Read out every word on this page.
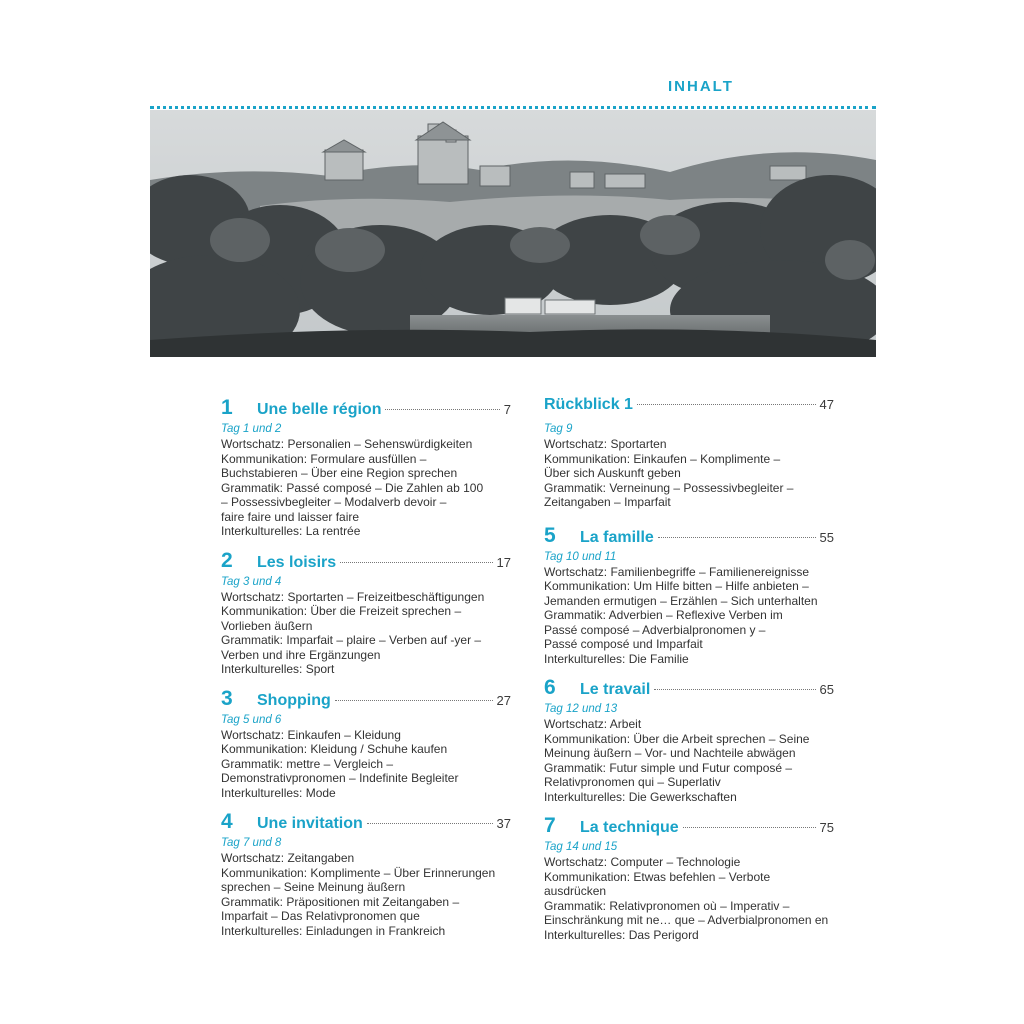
INHALT
1	Une belle région	7
Tag 1 und 2
Wortschatz: Personalien – Sehenswürdigkeiten
Kommunikation: Formulare ausfüllen –
Buchstabieren – Über eine Region sprechen
Grammatik: Passé composé – Die Zahlen ab 100
– Possessivbegleiter – Modalverb devoir –
faire faire und laisser faire
Interkulturelles: La rentrée
2	Les loisirs	17
Tag 3 und 4
Wortschatz: Sportarten – Freizeitbeschäftigungen
Kommunikation: Über die Freizeit sprechen –
Vorlieben äußern
Grammatik: Imparfait – plaire – Verben auf -yer –
Verben und ihre Ergänzungen
Interkulturelles: Sport
3	Shopping	27
Tag 5 und 6
Wortschatz: Einkaufen – Kleidung
Kommunikation: Kleidung / Schuhe kaufen
Grammatik: mettre – Vergleich –
Demonstrativpronomen – Indefinite Begleiter
Interkulturelles: Mode
4	Une invitation	37
Tag 7 und 8
Wortschatz: Zeitangaben
Kommunikation: Komplimente – Über Erinnerungen
sprechen – Seine Meinung äußern
Grammatik: Präpositionen mit Zeitangaben –
Imparfait – Das Relativpronomen que
Interkulturelles: Einladungen in Frankreich
Rückblick 1	47
Tag 9
Wortschatz: Sportarten
Kommunikation: Einkaufen – Komplimente –
Über sich Auskunft geben
Grammatik: Verneinung – Possessivbegleiter –
Zeitangaben – Imparfait
5	La famille	55
Tag 10 und 11
Wortschatz: Familienbegriffe – Familienereignisse
Kommunikation: Um Hilfe bitten – Hilfe anbieten –
Jemanden ermutigen – Erzählen – Sich unterhalten
Grammatik: Adverbien – Reflexive Verben im
Passé composé – Adverbialpronomen y –
Passé composé und Imparfait
Interkulturelles: Die Familie
6	Le travail	65
Tag 12 und 13
Wortschatz: Arbeit
Kommunikation: Über die Arbeit sprechen – Seine
Meinung äußern – Vor- und Nachteile abwägen
Grammatik: Futur simple und Futur composé –
Relativpronomen qui – Superlativ
Interkulturelles: Die Gewerkschaften
7	La technique	75
Tag 14 und 15
Wortschatz: Computer – Technologie
Kommunikation: Etwas befehlen – Verbote
ausdrücken
Grammatik: Relativpronomen où – Imperativ –
Einschränkung mit ne… que – Adverbialpronomen en
Interkulturelles: Das Perigord
